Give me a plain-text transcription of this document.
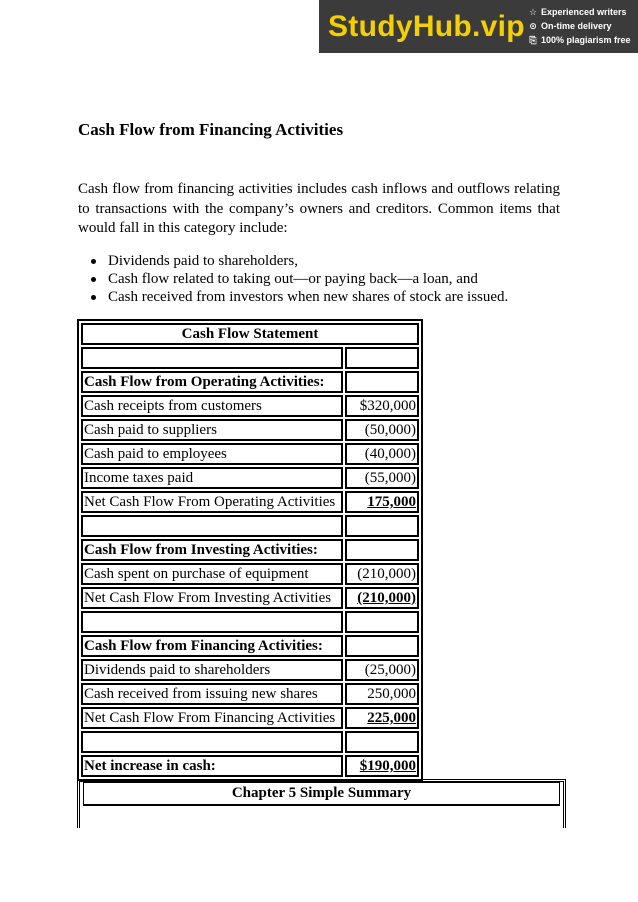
StudyHub.vip ☆ Experienced writers
⊙ On-time delivery
⎘ 100% plagiarism free
Cash Flow from Financing Activities

Cash flow from financing activities includes cash inflows and outflows relating to transactions with the company’s owners and creditors. Common items that would fall in this category include:

Dividends paid to shareholders,
Cash flow related to taking out—or paying back—a loan, and
Cash received from investors when new shares of stock are issued.
Cash Flow Statement	

Cash Flow from Operating Activities:	
Cash receipts from customers	$320,000
Cash paid to suppliers	(50,000)
Cash paid to employees	(40,000)
Income taxes paid	(55,000)
Net Cash Flow From Operating Activities	175,000

Cash Flow from Investing Activities:	
Cash spent on purchase of equipment	(210,000)
Net Cash Flow From Investing Activities	(210,000)

Cash Flow from Financing Activities:	
Dividends paid to shareholders	(25,000)
Cash received from issuing new shares	250,000
Net Cash Flow From Financing Activities	225,000

Net increase in cash:	$190,000
Chapter 5 Simple Summary
